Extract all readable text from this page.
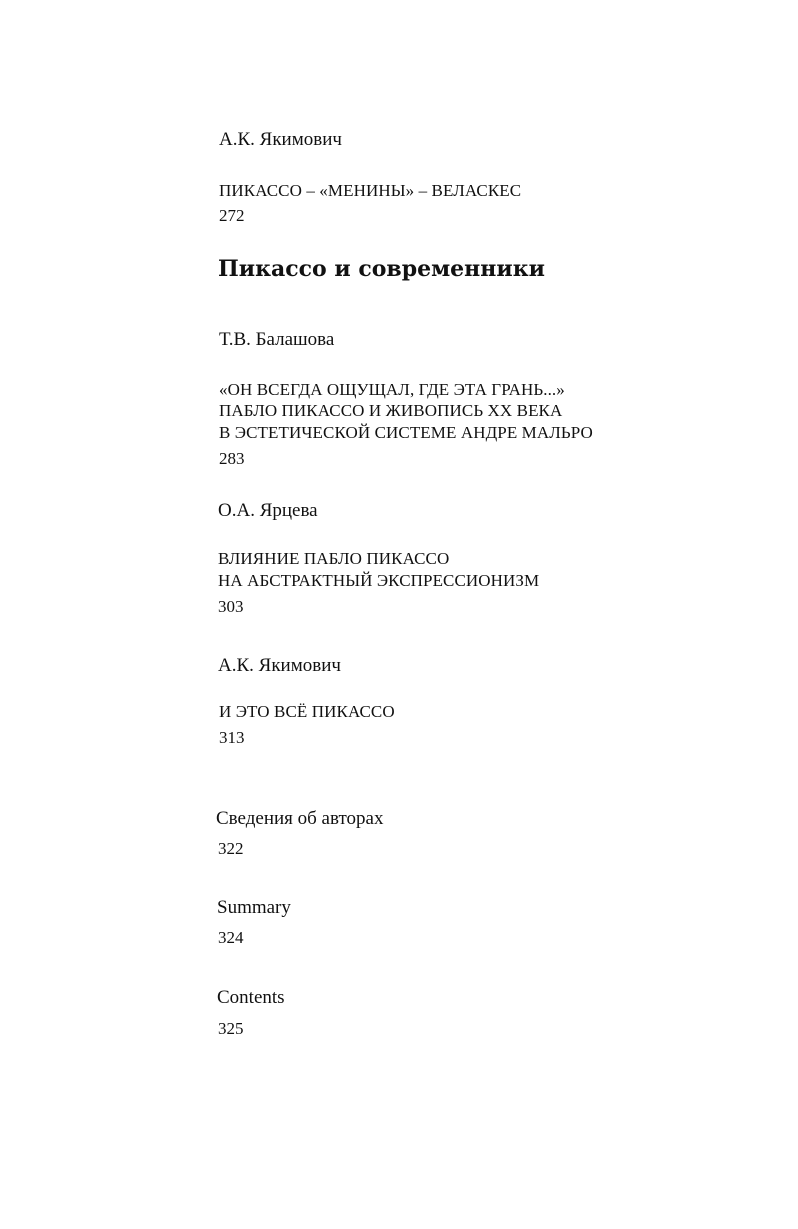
А.К. Якимович
ПИКАССО – «МЕНИНЫ» – ВЕЛАСКЕС
272
Пикассо и современники
Т.В. Балашова
«ОН ВСЕГДА ОЩУЩАЛ, ГДЕ ЭТА ГРАНЬ...»
ПАБЛО ПИКАССО И ЖИВОПИСЬ XX ВЕКА
В ЭСТЕТИЧЕСКОЙ СИСТЕМЕ АНДРЕ МАЛЬРО
283
О.А. Ярцева
ВЛИЯНИЕ ПАБЛО ПИКАССО
НА АБСТРАКТНЫЙ ЭКСПРЕССИОНИЗМ
303
А.К. Якимович
И ЭТО ВСЁ ПИКАССО
313
Сведения об авторах
322
Summary
324
Contents
325
